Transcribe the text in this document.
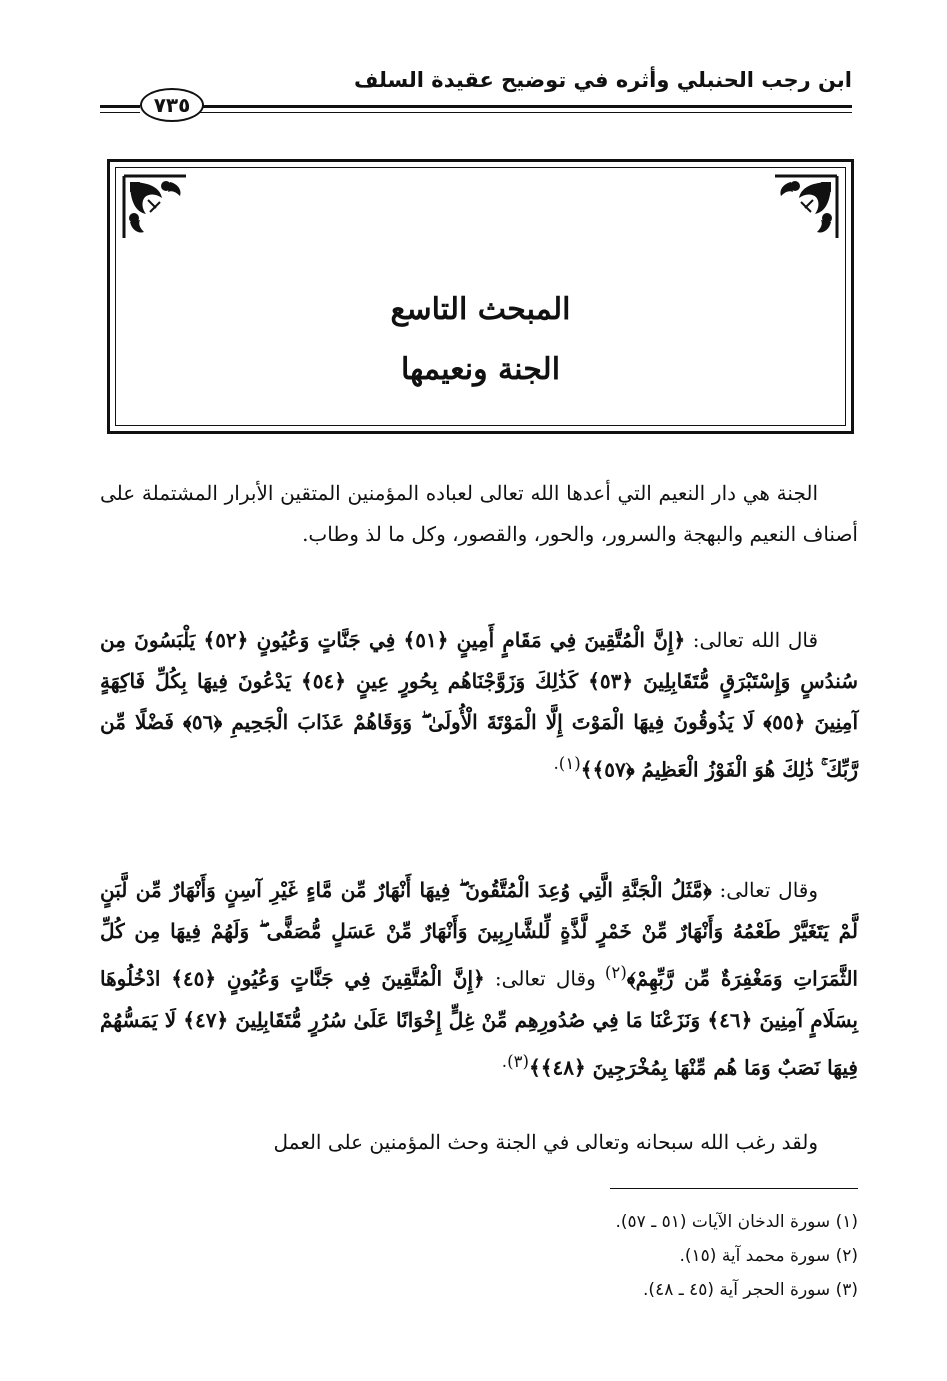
ابن رجب الحنبلي وأثره في توضيح عقيدة السلف
٧٣٥
المبحث التاسع
الجنة ونعيمها

الجنة هي دار النعيم التي أعدها الله تعالى لعباده المؤمنين المتقين الأبرار المشتملة على أصناف النعيم والبهجة والسرور، والحور، والقصور، وكل ما لذ وطاب.

قال الله تعالى: ﴿إِنَّ الْمُتَّقِينَ فِي مَقَامٍ أَمِينٍ ﴿٥١﴾ فِي جَنَّاتٍ وَعُيُونٍ ﴿٥٢﴾ يَلْبَسُونَ مِن سُندُسٍ وَإِسْتَبْرَقٍ مُّتَقَابِلِينَ ﴿٥٣﴾ كَذَٰلِكَ وَزَوَّجْنَاهُم بِحُورٍ عِينٍ ﴿٥٤﴾ يَدْعُونَ فِيهَا بِكُلِّ فَاكِهَةٍ آمِنِينَ ﴿٥٥﴾ لَا يَذُوقُونَ فِيهَا الْمَوْتَ إِلَّا الْمَوْتَةَ الْأُولَىٰ ۖ وَوَقَاهُمْ عَذَابَ الْجَحِيمِ ﴿٥٦﴾ فَضْلًا مِّن رَّبِّكَ ۚ ذَٰلِكَ هُوَ الْفَوْزُ الْعَظِيمُ ﴿٥٧﴾﴾$^{(١).}$

وقال تعالى: ﴿مَّثَلُ الْجَنَّةِ الَّتِي وُعِدَ الْمُتَّقُونَ ۖ فِيهَا أَنْهَارٌ مِّن مَّاءٍ غَيْرِ آسِنٍ وَأَنْهَارٌ مِّن لَّبَنٍ لَّمْ يَتَغَيَّرْ طَعْمُهُ وَأَنْهَارٌ مِّنْ خَمْرٍ لَّذَّةٍ لِّلشَّارِبِينَ وَأَنْهَارٌ مِّنْ عَسَلٍ مُّصَفًّى ۖ وَلَهُمْ فِيهَا مِن كُلِّ الثَّمَرَاتِ وَمَغْفِرَةٌ مِّن رَّبِّهِمْ﴾$^{(٢)}$ وقال تعالى: ﴿إِنَّ الْمُتَّقِينَ فِي جَنَّاتٍ وَعُيُونٍ ﴿٤٥﴾ ادْخُلُوهَا بِسَلَامٍ آمِنِينَ ﴿٤٦﴾ وَنَزَعْنَا مَا فِي صُدُورِهِم مِّنْ غِلٍّ إِخْوَانًا عَلَىٰ سُرُرٍ مُّتَقَابِلِينَ ﴿٤٧﴾ لَا يَمَسُّهُمْ فِيهَا نَصَبٌ وَمَا هُم مِّنْهَا بِمُخْرَجِينَ ﴿٤٨﴾﴾$^{(٣).}$

ولقد رغب الله سبحانه وتعالى في الجنة وحث المؤمنين على العمل

(١) سورة الدخان الآيات (٥١ ـ ٥٧).
(٢) سورة محمد آية (١٥).
(٣) سورة الحجر آية (٤٥ ـ ٤٨).
